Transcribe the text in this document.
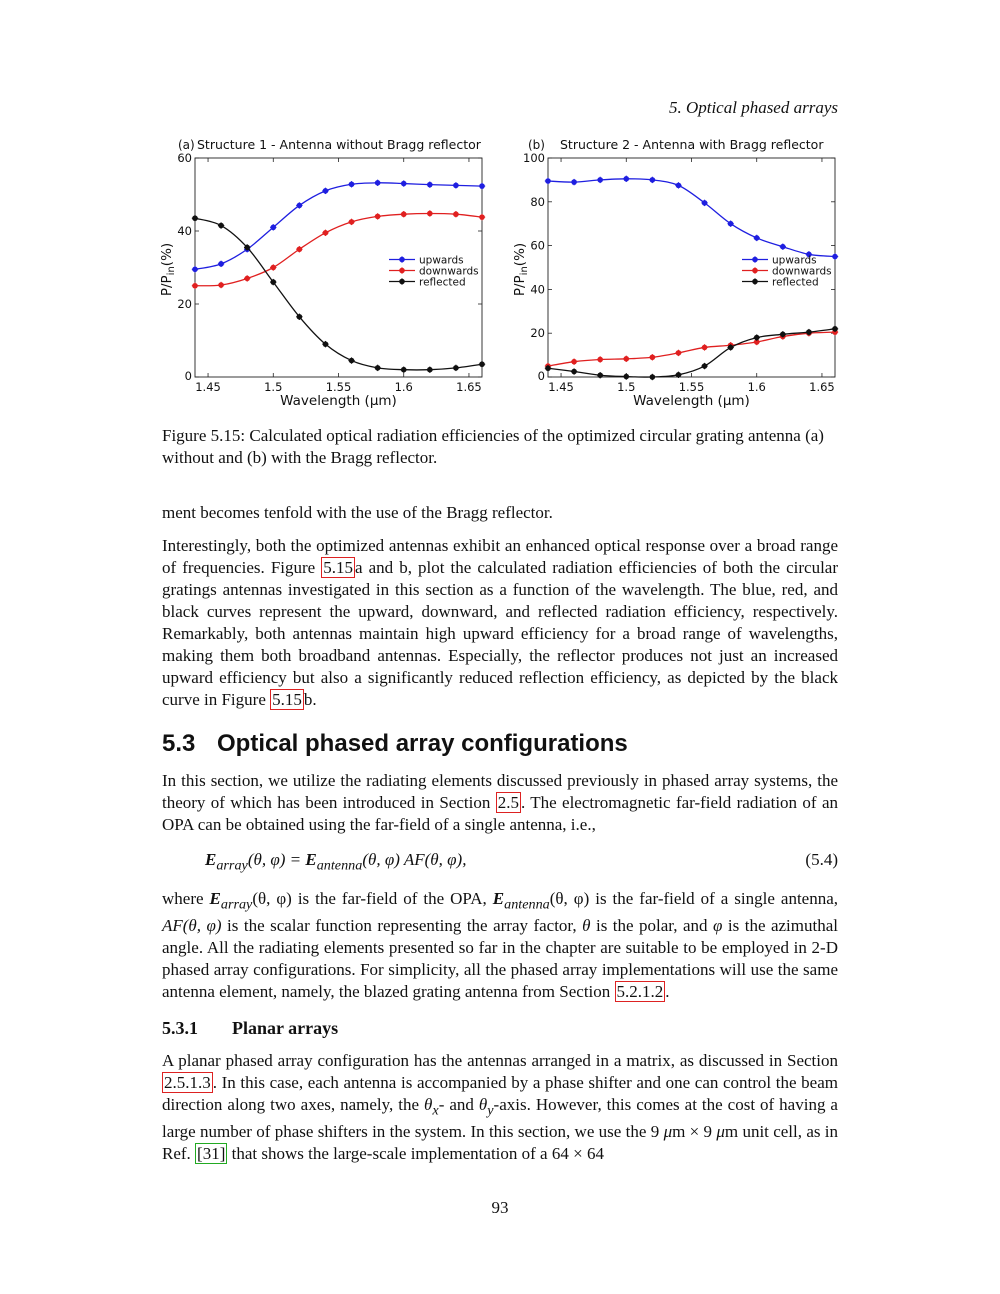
5. Optical phased arrays
(a) Structure 1 - Antenna without Bragg reflector
1.45	1.5	1.55	1.6	1.65
0
20
40
60
Wavelength (μm)
$P/P_{in}(\%)$	upwards
downwards
reflected
(b) Structure 2 - Antenna with Bragg reflector
1.45	1.5	1.55	1.6	1.65
0
20
40
60
80
100
Wavelength (μm)
$P/P_{in}(\%)$	upwards
downwards
reflected
Figure 5.15: Calculated optical radiation efficiencies of the optimized circular grating antenna (a) without and (b) with the Bragg reflector.
ment becomes tenfold with the use of the Bragg reflector.
Interestingly, both the optimized antennas exhibit an enhanced optical response over a broad range of frequencies. Figure 5.15 a and b, plot the calculated radiation efficiencies of both the circular gratings antennas investigated in this section as a function of the wavelength. The blue, red, and black curves represent the upward, downward, and reflected radiation efficiency, respectively. Remarkably, both antennas maintain high upward efficiency for a broad range of wavelengths, making them both broadband antennas. Especially, the reflector produces not just an increased upward efficiency but also a significantly reduced reflection efficiency, as depicted by the black curve in Figure 5.15 b.
5.3 Optical phased array configurations
In this section, we utilize the radiating elements discussed previously in phased array systems, the theory of which has been introduced in Section 2.5 . The electromagnetic far-field radiation of an OPA can be obtained using the far-field of a single antenna, i.e.,
$E_{array}(\theta$, $\varphi) = E_{antenna}(\theta$, φ) AF(θ, φ),	(5.4)
where $E_{array}(\theta$, φ) is the far-field of the OPA, $E_{antenna}(\theta$, φ) is the far-field of a single antenna, AF(θ, φ) is the scalar function representing the array factor, θ is the polar, and φ is the azimuthal angle. All the radiating elements presented so far in the chapter are suitable to be employed in 2-D phased array configurations. For simplicity, all the phased array implementations will use the same antenna element, namely, the blazed grating antenna from Section 5.2.1.2 .
5.3.1 Planar arrays
A planar phased array configuration has the antennas arranged in a matrix, as discussed in Section 2.5.1.3 . In this case, each antenna is accompanied by a phase shifter and one can control the beam direction along two axes, namely, the $\theta_x-$ and $\theta_y$-axis. However, this comes at the cost of having a large number of phase shifters in the system. In this section, we use the 9 μm × 9 μm unit cell, as in Ref. [31] that shows the large-scale implementation of a 64 × 64
93
